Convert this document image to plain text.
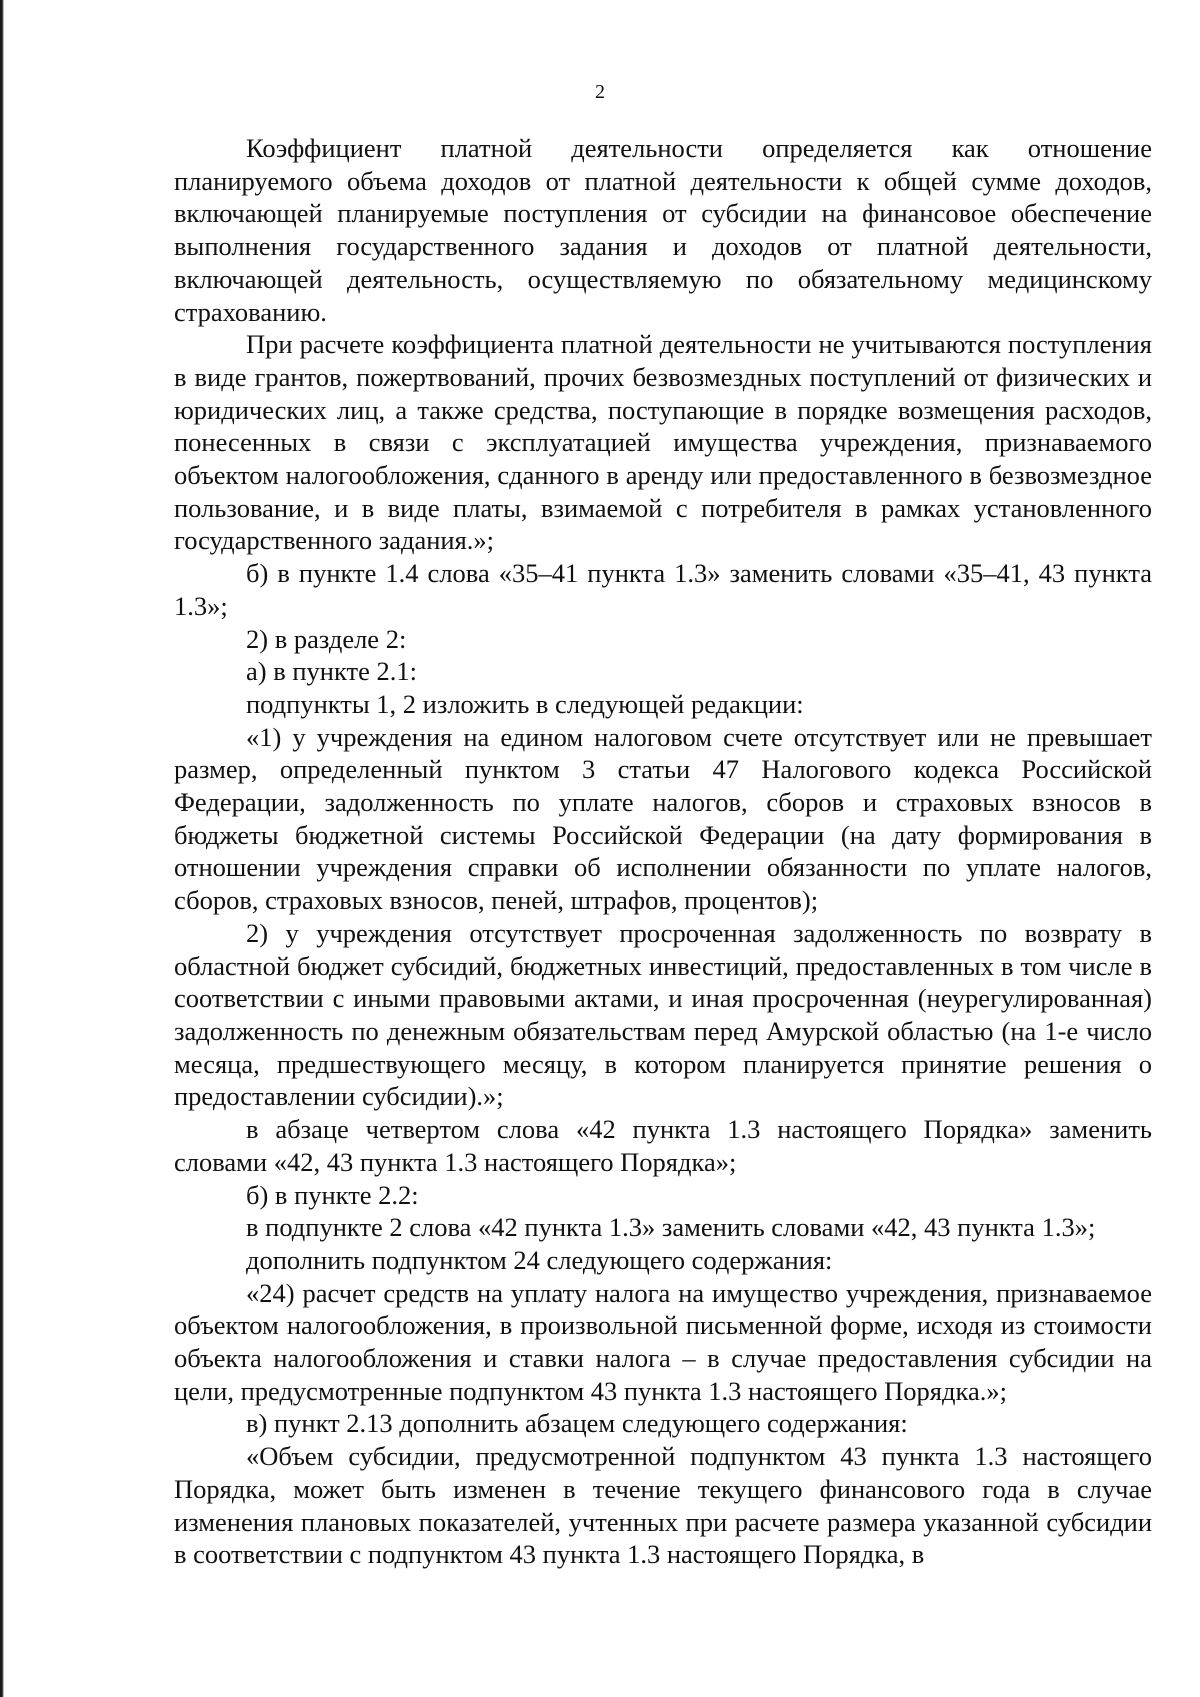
2

Коэффициент платной деятельности определяется как отношение планируемого объема доходов от платной деятельности к общей сумме доходов, включающей планируемые поступления от субсидии на финансовое обеспечение выполнения государственного задания и доходов от платной деятельности, включающей деятельность, осуществляемую по обязательному медицинскому страхованию.

При расчете коэффициента платной деятельности не учитываются поступления в виде грантов, пожертвований, прочих безвозмездных поступлений от физических и юридических лиц, а также средства, поступающие в порядке возмещения расходов, понесенных в связи с эксплуатацией имущества учреждения, признаваемого объектом налогообложения, сданного в аренду или предоставленного в безвозмездное пользование, и в виде платы, взимаемой с потребителя в рамках установленного государственного задания.»;

б) в пункте 1.4 слова «35–41 пункта 1.3» заменить словами «35–41, 43 пункта 1.3»;

2) в разделе 2:

а) в пункте 2.1:

подпункты 1, 2 изложить в следующей редакции:

«1) у учреждения на едином налоговом счете отсутствует или не превышает размер, определенный пунктом 3 статьи 47 Налогового кодекса Российской Федерации, задолженность по уплате налогов, сборов и страховых взносов в бюджеты бюджетной системы Российской Федерации (на дату формирования в отношении учреждения справки об исполнении обязанности по уплате налогов, сборов, страховых взносов, пеней, штрафов, процентов);

2) у учреждения отсутствует просроченная задолженность по возврату в областной бюджет субсидий, бюджетных инвестиций, предоставленных в том числе в соответствии с иными правовыми актами, и иная просроченная (неурегулированная) задолженность по денежным обязательствам перед Амурской областью (на 1-е число месяца, предшествующего месяцу, в котором планируется принятие решения о предоставлении субсидии).»;

в абзаце четвертом слова «42 пункта 1.3 настоящего Порядка» заменить словами «42, 43 пункта 1.3 настоящего Порядка»;

б) в пункте 2.2:

в подпункте 2 слова «42 пункта 1.3» заменить словами «42, 43 пункта 1.3»;

дополнить подпунктом 24 следующего содержания:

«24) расчет средств на уплату налога на имущество учреждения, признаваемое объектом налогообложения, в произвольной письменной форме, исходя из стоимости объекта налогообложения и ставки налога – в случае предоставления субсидии на цели, предусмотренные подпунктом 43 пункта 1.3 настоящего Порядка.»;

в) пункт 2.13 дополнить абзацем следующего содержания:

«Объем субсидии, предусмотренной подпунктом 43 пункта 1.3 настоящего Порядка, может быть изменен в течение текущего финансового года в случае изменения плановых показателей, учтенных при расчете размера указанной субсидии в соответствии с подпунктом 43 пункта 1.3 настоящего Порядка, в
